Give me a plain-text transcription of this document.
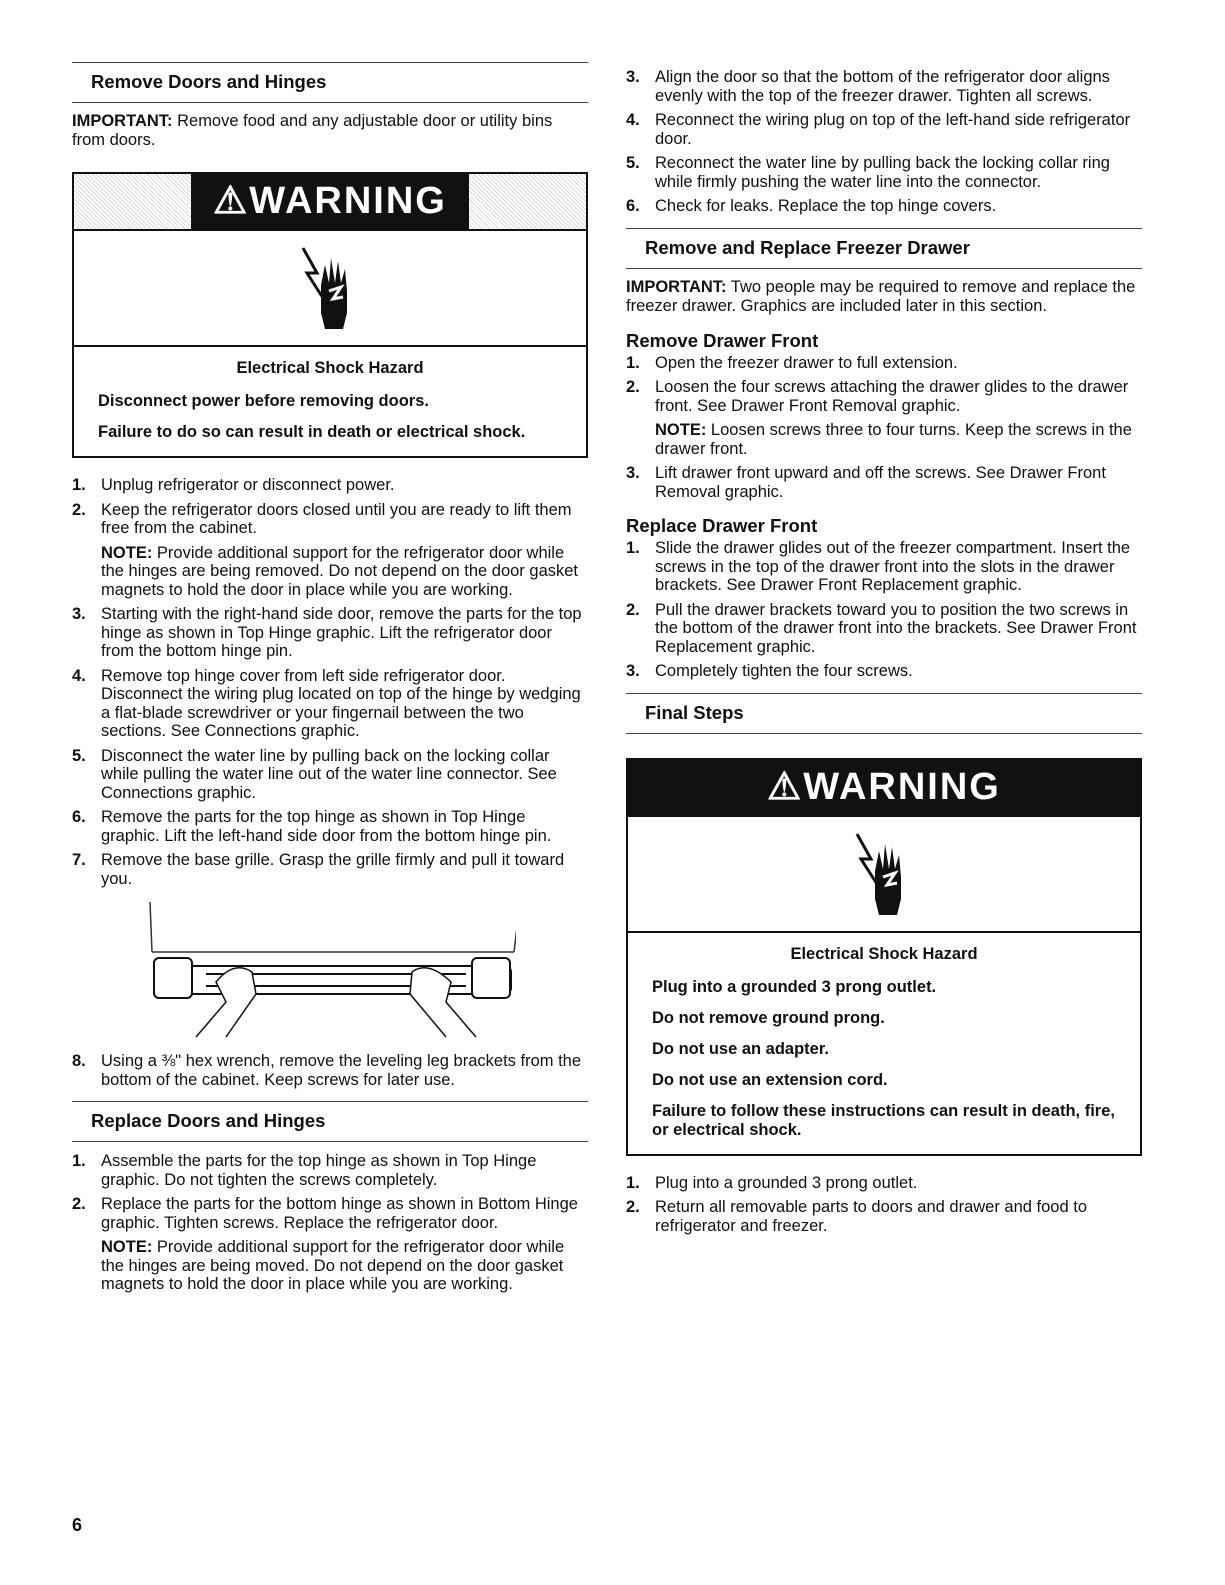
Remove Doors and Hinges

IMPORTANT: Remove food and any adjustable door or utility bins from doors.

⚠WARNING
Electrical Shock Hazard
Disconnect power before removing doors.
Failure to do so can result in death or electrical shock.
1. Unplug refrigerator or disconnect power.
2. Keep the refrigerator doors closed until you are ready to lift them free from the cabinet.
NOTE: Provide additional support for the refrigerator door while the hinges are being removed. Do not depend on the door gasket magnets to hold the door in place while you are working.
3. Starting with the right-hand side door, remove the parts for the top hinge as shown in Top Hinge graphic. Lift the refrigerator door from the bottom hinge pin.
4. Remove top hinge cover from left side refrigerator door. Disconnect the wiring plug located on top of the hinge by wedging a flat-blade screwdriver or your fingernail between the two sections. See Connections graphic.
5. Disconnect the water line by pulling back on the locking collar while pulling the water line out of the water line connector. See Connections graphic.
6. Remove the parts for the top hinge as shown in Top Hinge graphic. Lift the left-hand side door from the bottom hinge pin.
7. Remove the base grille. Grasp the grille firmly and pull it toward you.
8. Using a ⅜" hex wrench, remove the leveling leg brackets from the bottom of the cabinet. Keep screws for later use.
Replace Doors and Hinges
1. Assemble the parts for the top hinge as shown in Top Hinge graphic. Do not tighten the screws completely.
2. Replace the parts for the bottom hinge as shown in Bottom Hinge graphic. Tighten screws. Replace the refrigerator door.
NOTE: Provide additional support for the refrigerator door while the hinges are being moved. Do not depend on the door gasket magnets to hold the door in place while you are working.
3. Align the door so that the bottom of the refrigerator door aligns evenly with the top of the freezer drawer. Tighten all screws.
4. Reconnect the wiring plug on top of the left-hand side refrigerator door.
5. Reconnect the water line by pulling back the locking collar ring while firmly pushing the water line into the connector.
6. Check for leaks. Replace the top hinge covers.
Remove and Replace Freezer Drawer

IMPORTANT: Two people may be required to remove and replace the freezer drawer. Graphics are included later in this section.

Remove Drawer Front
1. Open the freezer drawer to full extension.
2. Loosen the four screws attaching the drawer glides to the drawer front. See Drawer Front Removal graphic.
NOTE: Loosen screws three to four turns. Keep the screws in the drawer front.
3. Lift drawer front upward and off the screws. See Drawer Front Removal graphic.
Replace Drawer Front
1. Slide the drawer glides out of the freezer compartment. Insert the screws in the top of the drawer front into the slots in the drawer brackets. See Drawer Front Replacement graphic.
2. Pull the drawer brackets toward you to position the two screws in the bottom of the drawer front into the brackets. See Drawer Front Replacement graphic.
3. Completely tighten the four screws.
Final Steps
⚠WARNING
Electrical Shock Hazard
Plug into a grounded 3 prong outlet.
Do not remove ground prong.
Do not use an adapter.
Do not use an extension cord.
Failure to follow these instructions can result in death, fire, or electrical shock.
1. Plug into a grounded 3 prong outlet.
2. Return all removable parts to doors and drawer and food to refrigerator and freezer.
6
